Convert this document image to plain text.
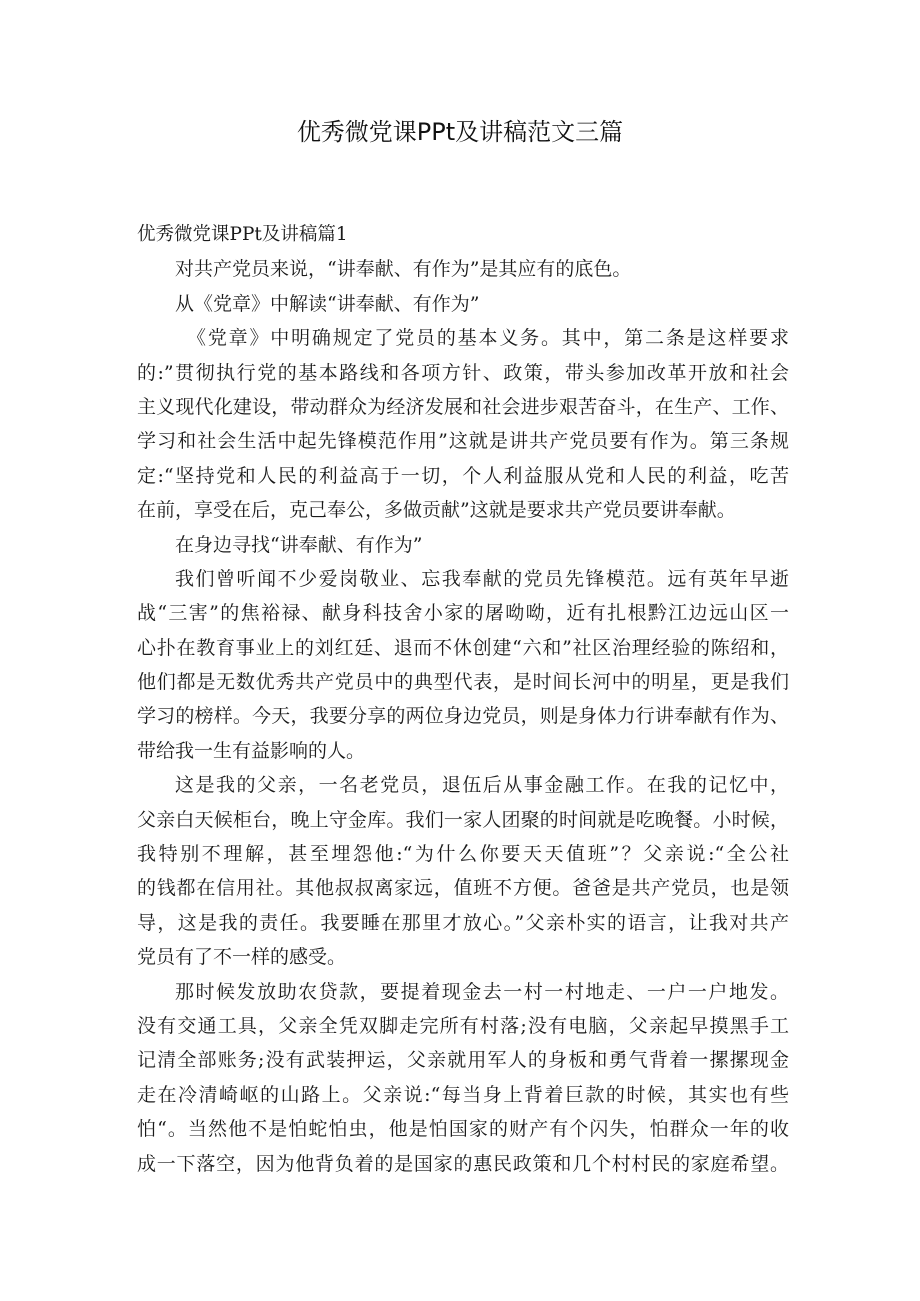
优秀微党课PPt及讲稿范文三篇
优秀微党课PPt及讲稿篇1
对共产党员来说，“讲奉献、有作为”是其应有的底色。
从《党章》中解读“讲奉献、有作为”
《党章》中明确规定了党员的基本义务。其中，第二条是这样要求
的:”贯彻执行党的基本路线和各项方针、政策，带头参加改革开放和社会
主义现代化建设，带动群众为经济发展和社会进步艰苦奋斗，在生产、工作、
学习和社会生活中起先锋模范作用”这就是讲共产党员要有作为。第三条规
定:“坚持党和人民的利益高于一切，个人利益服从党和人民的利益，吃苦
在前，享受在后，克己奉公，多做贡献”这就是要求共产党员要讲奉献。
在身边寻找“讲奉献、有作为”
我们曾听闻不少爱岗敬业、忘我奉献的党员先锋模范。远有英年早逝
战“三害”的焦裕禄、献身科技舍小家的屠呦呦，近有扎根黔江边远山区一
心扑在教育事业上的刘红廷、退而不休创建“六和”社区治理经验的陈绍和，
他们都是无数优秀共产党员中的典型代表，是时间长河中的明星，更是我们
学习的榜样。今天，我要分享的两位身边党员，则是身体力行讲奉献有作为、
带给我一生有益影响的人。
这是我的父亲，一名老党员，退伍后从事金融工作。在我的记忆中，
父亲白天候柜台，晚上守金库。我们一家人团聚的时间就是吃晚餐。小时候，
我特别不理解，甚至埋怨他:“为什么你要天天值班”？父亲说:“全公社
的钱都在信用社。其他叔叔离家远，值班不方便。爸爸是共产党员，也是领
导，这是我的责任。我要睡在那里才放心。”父亲朴实的语言，让我对共产
党员有了不一样的感受。
那时候发放助农贷款，要提着现金去一村一村地走、一户一户地发。
没有交通工具，父亲全凭双脚走完所有村落;没有电脑，父亲起早摸黑手工
记清全部账务;没有武装押运，父亲就用军人的身板和勇气背着一摞摞现金
走在冷清崎岖的山路上。父亲说:“每当身上背着巨款的时候，其实也有些
怕“。当然他不是怕蛇怕虫，他是怕国家的财产有个闪失，怕群众一年的收
成一下落空，因为他背负着的是国家的惠民政策和几个村村民的家庭希望。
